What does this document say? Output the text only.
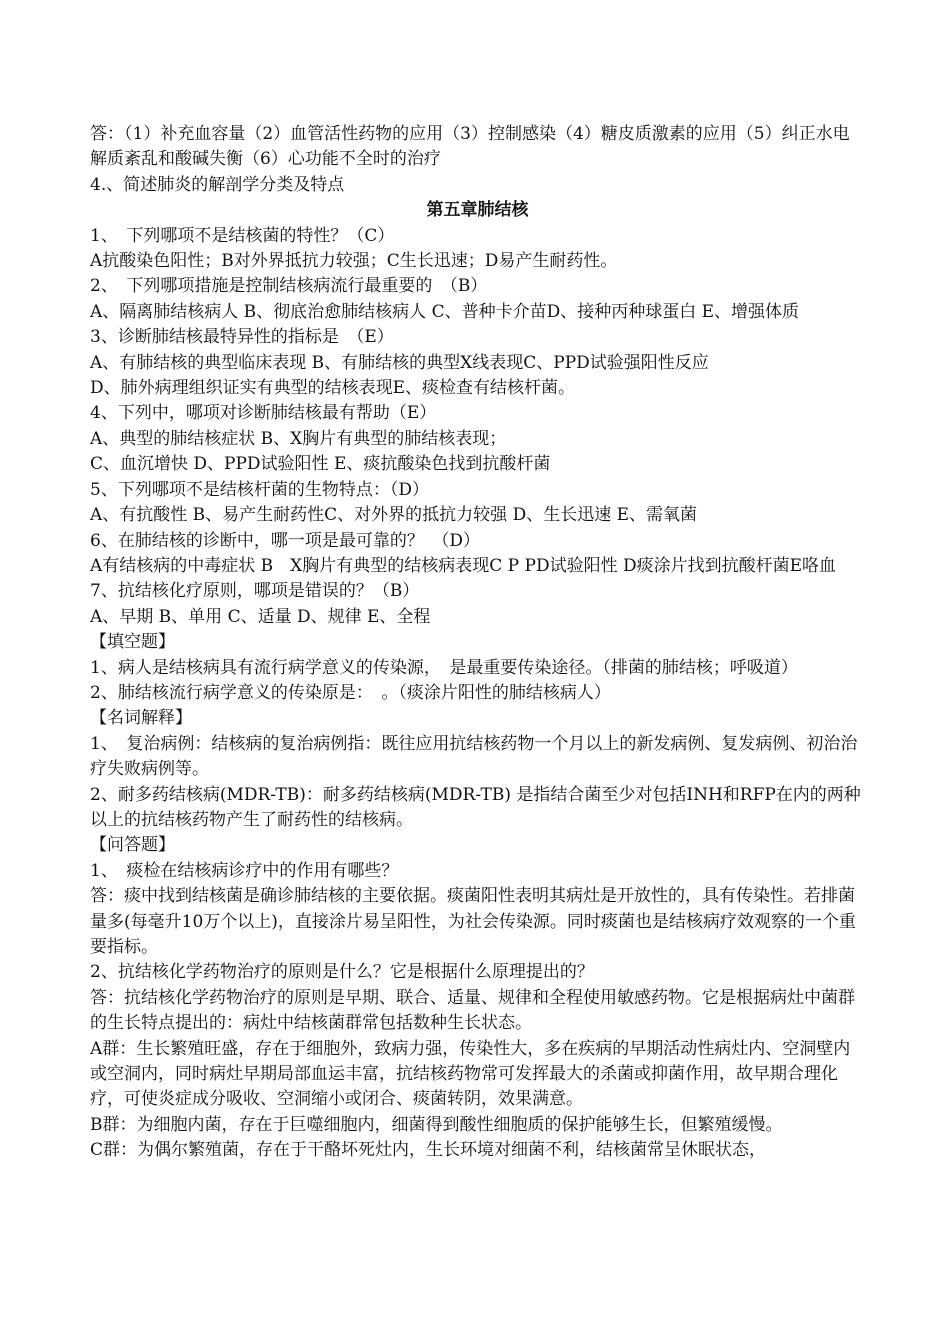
答：（1）补充血容量（2）血管活性药物的应用（3）控制感染（4）糖皮质激素的应用（5）纠正水电解质紊乱和酸碱失衡（6）心功能不全时的治疗

4.、简述肺炎的解剖学分类及特点

第五章肺结核

1、　下列哪项不是结核菌的特性？（C）

A抗酸染色阳性；B对外界抵抗力较强；C生长迅速；D易产生耐药性。

2、　下列哪项措施是控制结核病流行最重要的　（B）

A、隔离肺结核病人 B、彻底治愈肺结核病人 C、普种卡介苗D、接种丙种球蛋白 E、增强体质

3、诊断肺结核最特异性的指标是　（E）

A、有肺结核的典型临床表现 B、有肺结核的典型X线表现C、PPD试验强阳性反应

D、肺外病理组织证实有典型的结核表现E、痰检查有结核杆菌。

4、下列中，哪项对诊断肺结核最有帮助（E）

A、典型的肺结核症状 B、X胸片有典型的肺结核表现；

C、血沉增快 D、PPD试验阳性 E、痰抗酸染色找到抗酸杆菌

5、下列哪项不是结核杆菌的生物特点：（D）

A、有抗酸性 B、易产生耐药性C、对外界的抵抗力较强 D、生长迅速 E、需氧菌

6、在肺结核的诊断中，哪一项是最可靠的？　（D）

A有结核病的中毒症状 B　X胸片有典型的结核病表现C P PD试验阳性 D痰涂片找到抗酸杆菌E咯血

7、抗结核化疗原则，哪项是错误的？（B）

A、早期 B、单用 C、适量 D、规律 E、全程

【填空题】

1、病人是结核病具有流行病学意义的传染源，　是最重要传染途径。（排菌的肺结核；呼吸道）

2、肺结核流行病学意义的传染原是：　。（痰涂片阳性的肺结核病人）

【名词解释】

1、　复治病例：结核病的复治病例指：既往应用抗结核药物一个月以上的新发病例、复发病例、初治治疗失败病例等。

2、耐多药结核病(MDR-TB)：耐多药结核病(MDR-TB) 是指结合菌至少对包括INH和RFP在内的两种以上的抗结核药物产生了耐药性的结核病。

【问答题】

1、　痰检在结核病诊疗中的作用有哪些？

答：痰中找到结核菌是确诊肺结核的主要依据。痰菌阳性表明其病灶是开放性的，具有传染性。若排菌量多(每毫升10万个以上)，直接涂片易呈阳性，为社会传染源。同时痰菌也是结核病疗效观察的一个重要指标。

2、抗结核化学药物治疗的原则是什么？它是根据什么原理提出的？

答：抗结核化学药物治疗的原则是早期、联合、适量、规律和全程使用敏感药物。它是根据病灶中菌群的生长特点提出的：病灶中结核菌群常包括数种生长状态。

A群：生长繁殖旺盛，存在于细胞外，致病力强，传染性大，多在疾病的早期活动性病灶内、空洞壁内或空洞内，同时病灶早期局部血运丰富，抗结核药物常可发挥最大的杀菌或抑菌作用，故早期合理化疗，可使炎症成分吸收、空洞缩小或闭合、痰菌转阴，效果满意。

B群：为细胞内菌，存在于巨噬细胞内，细菌得到酸性细胞质的保护能够生长，但繁殖缓慢。

C群：为偶尔繁殖菌，存在于干酪坏死灶内，生长环境对细菌不利，结核菌常呈休眠状态，
